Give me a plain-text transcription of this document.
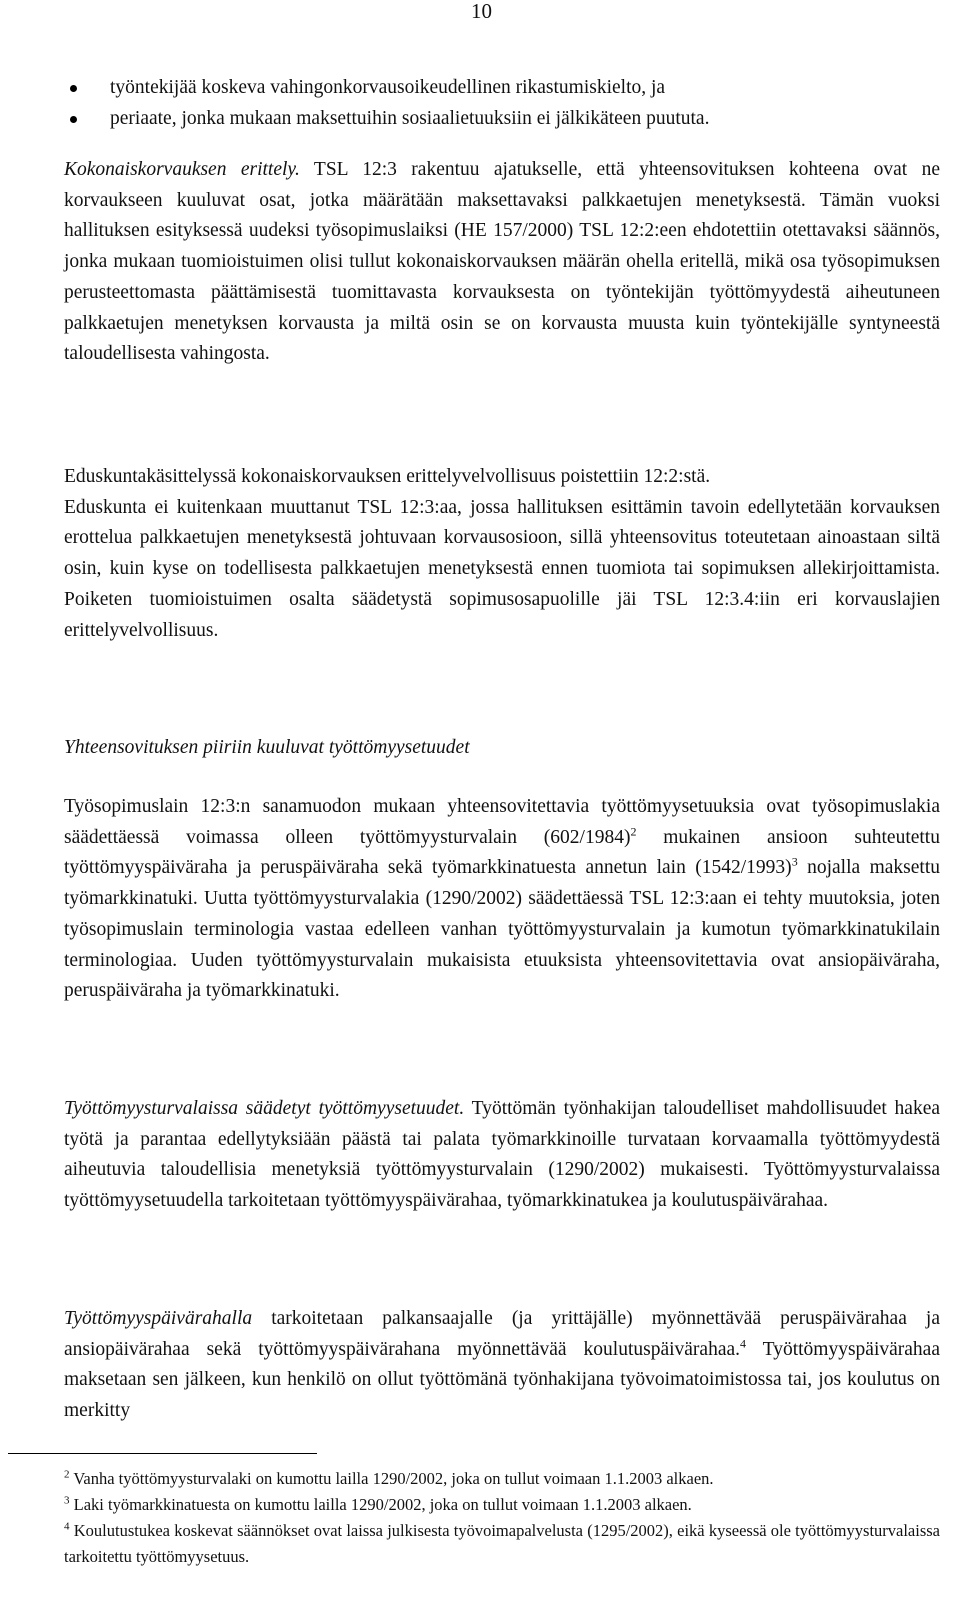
10
työntekijää koskeva vahingonkorvausoikeudellinen rikastumiskielto, ja
periaate, jonka mukaan maksettuihin sosiaalietuuksiin ei jälkikäteen puututa.

Kokonaiskorvauksen erittely. TSL 12:3 rakentuu ajatukselle, että yhteensovituksen kohteena ovat ne korvaukseen kuuluvat osat, jotka määrätään maksettavaksi palkkaetujen menetyksestä. Tämän vuoksi hallituksen esityksessä uudeksi työsopimuslaiksi (HE 157/2000) TSL 12:2:een ehdotettiin otettavaksi säännös, jonka mukaan tuomioistuimen olisi tullut kokonaiskorvauksen määrän ohella eritellä, mikä osa työsopimuksen perusteettomasta päättämisestä tuomittavasta korvauksesta on työntekijän työttömyydestä aiheutuneen palkkaetujen menetyksen korvausta ja miltä osin se on korvausta muusta kuin työntekijälle syntyneestä taloudellisesta vahingosta.

Eduskuntakäsittelyssä kokonaiskorvauksen erittelyvelvollisuus poistettiin 12:2:stä.
Eduskunta ei kuitenkaan muuttanut TSL 12:3:aa, jossa hallituksen esittämin tavoin edellytetään korvauksen erottelua palkkaetujen menetyksestä johtuvaan korvausosioon, sillä yhteensovitus toteutetaan ainoastaan siltä osin, kuin kyse on todellisesta palkkaetujen menetyksestä ennen tuomiota tai sopimuksen allekirjoittamista. Poiketen tuomioistuimen osalta säädetystä sopimusosapuolille jäi TSL 12:3.4:iin eri korvauslajien erittelyvelvollisuus.
Yhteensovituksen piiriin kuuluvat työttömyysetuudet

Työsopimuslain 12:3:n sanamuodon mukaan yhteensovitettavia työttömyysetuuksia ovat työsopimuslakia säädettäessä voimassa olleen työttömyysturvalain $(602/1984)^2$ mukainen ansioon suhteutettu työttömyyspäiväraha ja peruspäiväraha sekä työmarkkinatuesta annetun lain $(1542/1993)^3$ nojalla maksettu työmarkkinatuki. Uutta työttömyysturvalakia (1290/2002) säädettäessä TSL 12:3:aan ei tehty muutoksia, joten työsopimuslain terminologia vastaa edelleen vanhan työttömyysturvalain ja kumotun työmarkkinatukilain terminologiaa. Uuden työttömyysturvalain mukaisista etuuksista yhteensovitettavia ovat ansiopäiväraha, peruspäiväraha ja työmarkkinatuki.

Työttömyysturvalaissa säädetyt työttömyysetuudet. Työttömän työnhakijan taloudelliset mahdollisuudet hakea työtä ja parantaa edellytyksiään päästä tai palata työmarkkinoille turvataan korvaamalla työttömyydestä aiheutuvia taloudellisia menetyksiä työttömyysturvalain (1290/2002) mukaisesti. Työttömyysturvalaissa työttömyysetuudella tarkoitetaan työttömyyspäivärahaa, työmarkkinatukea ja koulutuspäivärahaa.

Työttömyyspäivärahalla tarkoitetaan palkansaajalle (ja yrittäjälle) myönnettävää peruspäivärahaa ja ansiopäivärahaa sekä työttömyyspäivärahana myönnettävää koulutuspäivärahaa.$^4$ Työttömyyspäivärahaa maksetaan sen jälkeen, kun henkilö on ollut työttömänä työnhakijana työvoimatoimistossa tai, jos koulutus on merkitty

$^2$ Vanha työttömyysturvalaki on kumottu lailla 1290/2002, joka on tullut voimaan 1.1.2003 alkaen.
$^3$ Laki työmarkkinatuesta on kumottu lailla 1290/2002, joka on tullut voimaan 1.1.2003 alkaen.
$^4$ Koulutustukea koskevat säännökset ovat laissa julkisesta työvoimapalvelusta (1295/2002), eikä kyseessä ole työttömyysturvalaissa tarkoitettu työttömyysetuus.
